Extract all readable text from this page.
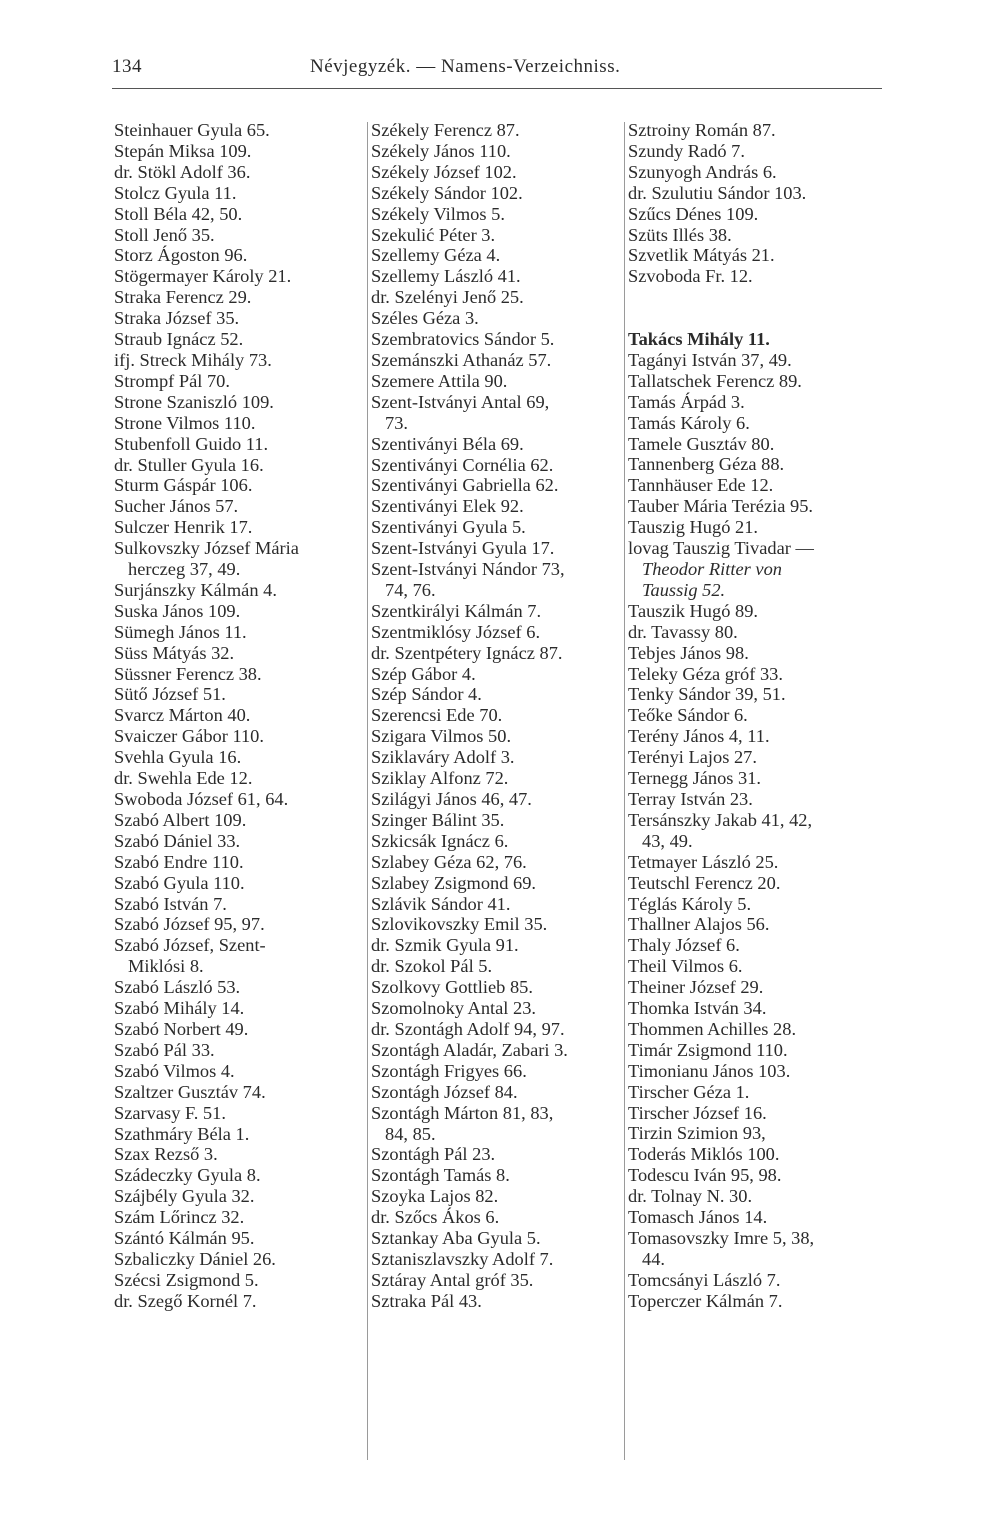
134	Névjegyzék. — Namens-Verzeichniss.
Steinhauer Gyula 65.
Stepán Miksa 109.
dr. Stökl Adolf 36.
Stolcz Gyula 11.
Stoll Béla 42, 50.
Stoll Jenő 35.
Storz Ágoston 96.
Stögermayer Károly 21.
Straka Ferencz 29.
Straka József 35.
Straub Ignácz 52.
ifj. Streck Mihály 73.
Strompf Pál 70.
Strone Szaniszló 109.
Strone Vilmos 110.
Stubenfoll Guido 11.
dr. Stuller Gyula 16.
Sturm Gáspár 106.
Sucher János 57.
Sulczer Henrik 17.
Sulkovszky József Mária
herczeg 37, 49.
Surjánszky Kálmán 4.
Suska János 109.
Sümegh János 11.
Süss Mátyás 32.
Süssner Ferencz 38.
Sütő József 51.
Svarcz Márton 40.
Svaiczer Gábor 110.
Svehla Gyula 16.
dr. Swehla Ede 12.
Swoboda József 61, 64.
Szabó Albert 109.
Szabó Dániel 33.
Szabó Endre 110.
Szabó Gyula 110.
Szabó István 7.
Szabó József 95, 97.
Szabó József, Szent-
Miklósi 8.
Szabó László 53.
Szabó Mihály 14.
Szabó Norbert 49.
Szabó Pál 33.
Szabó Vilmos 4.
Szaltzer Gusztáv 74.
Szarvasy F. 51.
Szathmáry Béla 1.
Szax Rezső 3.
Szádeczky Gyula 8.
Szájbély Gyula 32.
Szám Lőrincz 32.
Szántó Kálmán 95.
Szbaliczky Dániel 26.
Szécsi Zsigmond 5.
dr. Szegő Kornél 7.
Székely Ferencz 87.
Székely János 110.
Székely József 102.
Székely Sándor 102.
Székely Vilmos 5.
Szekulić Péter 3.
Szellemy Géza 4.
Szellemy László 41.
dr. Szelényi Jenő 25.
Széles Géza 3.
Szembratovics Sándor 5.
Szemánszki Athanáz 57.
Szemere Attila 90.
Szent-Istványi Antal 69,
73.
Szentiványi Béla 69.
Szentiványi Cornélia 62.
Szentiványi Gabriella 62.
Szentiványi Elek 92.
Szentiványi Gyula 5.
Szent-Istványi Gyula 17.
Szent-Istványi Nándor 73,
74, 76.
Szentkirályi Kálmán 7.
Szentmiklósy József 6.
dr. Szentpétery Ignácz 87.
Szép Gábor 4.
Szép Sándor 4.
Szerencsi Ede 70.
Szigara Vilmos 50.
Sziklaváry Adolf 3.
Sziklay Alfonz 72.
Szilágyi János 46, 47.
Szinger Bálint 35.
Szkicsák Ignácz 6.
Szlabey Géza 62, 76.
Szlabey Zsigmond 69.
Szlávik Sándor 41.
Szlovikovszky Emil 35.
dr. Szmik Gyula 91.
dr. Szokol Pál 5.
Szolkovy Gottlieb 85.
Szomolnoky Antal 23.
dr. Szontágh Adolf 94, 97.
Szontágh Aladár, Zabari 3.
Szontágh Frigyes 66.
Szontágh József 84.
Szontágh Márton 81, 83,
84, 85.
Szontágh Pál 23.
Szontágh Tamás 8.
Szoyka Lajos 82.
dr. Szőcs Ákos 6.
Sztankay Aba Gyula 5.
Sztaniszlavszky Adolf 7.
Sztáray Antal gróf 35.
Sztraka Pál 43.
Sztroiny Román 87.
Szundy Radó 7.
Szunyogh András 6.
dr. Szulutiu Sándor 103.
Szűcs Dénes 109.
Szüts Illés 38.
Szvetlik Mátyás 21.
Szvoboda Fr. 12.
Takács Mihály 11.
Tagányi István 37, 49.
Tallatschek Ferencz 89.
Tamás Árpád 3.
Tamás Károly 6.
Tamele Gusztáv 80.
Tannenberg Géza 88.
Tannhäuser Ede 12.
Tauber Mária Terézia 95.
Tauszig Hugó 21.
lovag Tauszig Tivadar —
Theodor Ritter von
Taussig 52.
Tauszik Hugó 89.
dr. Tavassy 80.
Tebjes János 98.
Teleky Géza gróf 33.
Tenky Sándor 39, 51.
Teőke Sándor 6.
Terény János 4, 11.
Terényi Lajos 27.
Ternegg János 31.
Terray István 23.
Tersánszky Jakab 41, 42,
43, 49.
Tetmayer László 25.
Teutschl Ferencz 20.
Téglás Károly 5.
Thallner Alajos 56.
Thaly József 6.
Theil Vilmos 6.
Theiner József 29.
Thomka István 34.
Thommen Achilles 28.
Timár Zsigmond 110.
Timonianu János 103.
Tirscher Géza 1.
Tirscher József 16.
Tirzin Szimion 93,
Toderás Miklós 100.
Todescu Iván 95, 98.
dr. Tolnay N. 30.
Tomasch János 14.
Tomasovszky Imre 5, 38,
44.
Tomcsányi László 7.
Toperczer Kálmán 7.
